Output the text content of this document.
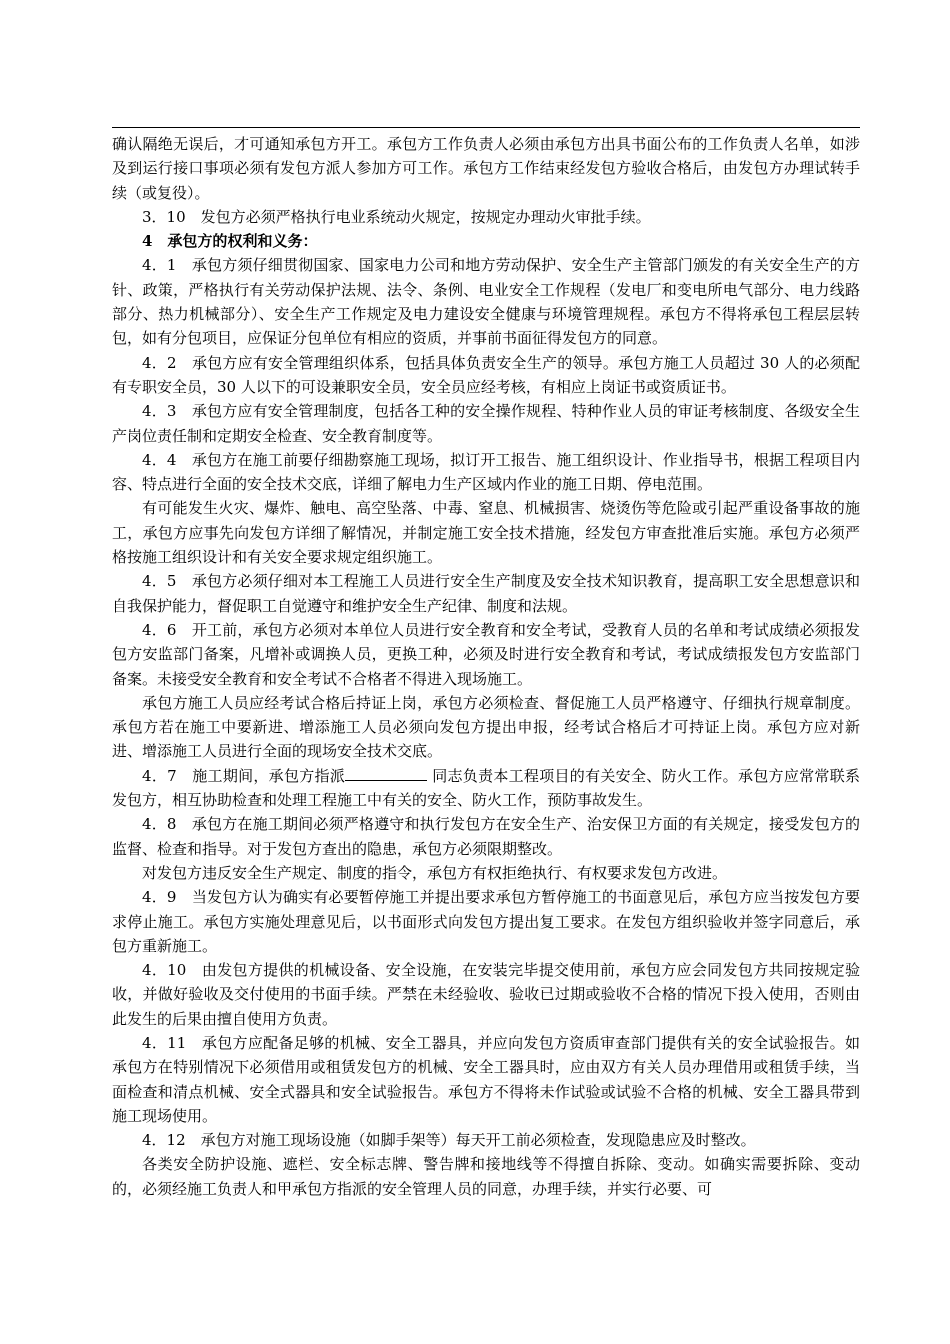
确认隔绝无误后，才可通知承包方开工。承包方工作负责人必须由承包方出具书面公布的工作负责人名单，如涉及到运行接口事项必须有发包方派人参加方可工作。承包方工作结束经发包方验收合格后，由发包方办理试转手续（或复役）。

3．10　发包方必须严格执行电业系统动火规定，按规定办理动火审批手续。

4　承包方的权利和义务：

4．1　承包方须仔细贯彻国家、国家电力公司和地方劳动保护、安全生产主管部门颁发的有关安全生产的方针、政策，严格执行有关劳动保护法规、法令、条例、电业安全工作规程（发电厂和变电所电气部分、电力线路部分、热力机械部分）、安全生产工作规定及电力建设安全健康与环境管理规程。承包方不得将承包工程层层转包，如有分包项目，应保证分包单位有相应的资质，并事前书面征得发包方的同意。

4．2　承包方应有安全管理组织体系，包括具体负责安全生产的领导。承包方施工人员超过 30 人的必须配有专职安全员，30 人以下的可设兼职安全员，安全员应经考核，有相应上岗证书或资质证书。

4．3　承包方应有安全管理制度，包括各工种的安全操作规程、特种作业人员的审证考核制度、各级安全生产岗位责任制和定期安全检查、安全教育制度等。

4．4　承包方在施工前要仔细勘察施工现场，拟订开工报告、施工组织设计、作业指导书，根据工程项目内容、特点进行全面的安全技术交底，详细了解电力生产区域内作业的施工日期、停电范围。

有可能发生火灾、爆炸、触电、高空坠落、中毒、窒息、机械损害、烧烫伤等危险或引起严重设备事故的施工，承包方应事先向发包方详细了解情况，并制定施工安全技术措施，经发包方审查批准后实施。承包方必须严格按施工组织设计和有关安全要求规定组织施工。

4．5　承包方必须仔细对本工程施工人员进行安全生产制度及安全技术知识教育，提高职工安全思想意识和自我保护能力，督促职工自觉遵守和维护安全生产纪律、制度和法规。

4．6　开工前，承包方必须对本单位人员进行安全教育和安全考试，受教育人员的名单和考试成绩必须报发包方安监部门备案，凡增补或调换人员，更换工种，必须及时进行安全教育和考试，考试成绩报发包方安监部门备案。未接受安全教育和安全考试不合格者不得进入现场施工。

承包方施工人员应经考试合格后持证上岗，承包方必须检查、督促施工人员严格遵守、仔细执行规章制度。承包方若在施工中要新进、增添施工人员必须向发包方提出申报，经考试合格后才可持证上岗。承包方应对新进、增添施工人员进行全面的现场安全技术交底。

4．7　施工期间，承包方指派	同志负责本工程项目的有关安全、防火工作。承包方应常常联系发包方，相互协助检查和处理工程施工中有关的安全、防火工作，预防事故发生。

4．8　承包方在施工期间必须严格遵守和执行发包方在安全生产、治安保卫方面的有关规定，接受发包方的监督、检查和指导。对于发包方查出的隐患，承包方必须限期整改。

对发包方违反安全生产规定、制度的指令，承包方有权拒绝执行、有权要求发包方改进。

4．9　当发包方认为确实有必要暂停施工并提出要求承包方暂停施工的书面意见后，承包方应当按发包方要求停止施工。承包方实施处理意见后，以书面形式向发包方提出复工要求。在发包方组织验收并签字同意后，承包方重新施工。

4．10　由发包方提供的机械设备、安全设施，在安装完毕提交使用前，承包方应会同发包方共同按规定验收，并做好验收及交付使用的书面手续。严禁在未经验收、验收已过期或验收不合格的情况下投入使用，否则由此发生的后果由擅自使用方负责。

4．11　承包方应配备足够的机械、安全工器具，并应向发包方资质审查部门提供有关的安全试验报告。如承包方在特别情况下必须借用或租赁发包方的机械、安全工器具时，应由双方有关人员办理借用或租赁手续，当面检查和清点机械、安全式器具和安全试验报告。承包方不得将未作试验或试验不合格的机械、安全工器具带到施工现场使用。

4．12　承包方对施工现场设施（如脚手架等）每天开工前必须检查，发现隐患应及时整改。

各类安全防护设施、遮栏、安全标志牌、警告牌和接地线等不得擅自拆除、变动。如确实需要拆除、变动的，必须经施工负责人和甲承包方指派的安全管理人员的同意，办理手续，并实行必要、可
